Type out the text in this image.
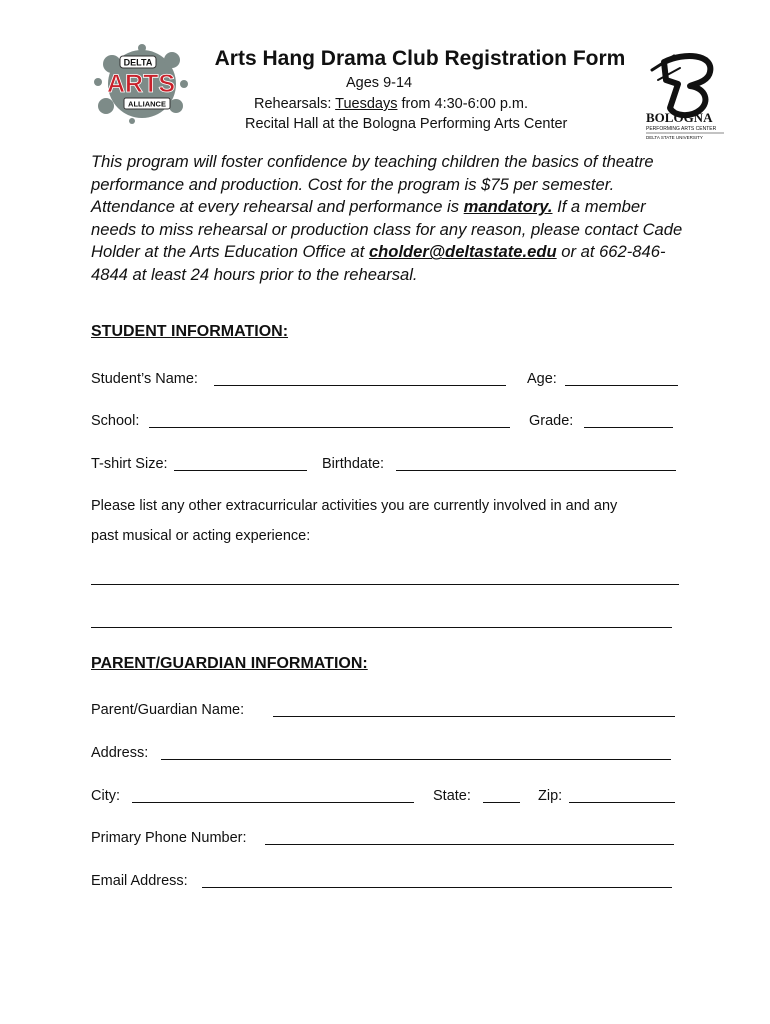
DELTA
ARTS
ALLIANCE
BOLOGNA
PERFORMING ARTS CENTER
DELTA STATE UNIVERSITY
Arts Hang Drama Club Registration Form
Ages 9-14
Rehearsals: Tuesdays from 4:30-6:00 p.m.
Recital Hall at the Bologna Performing Arts Center
This program will foster confidence by teaching children the basics of theatre performance and production. Cost for the program is $75 per semester. Attendance at every rehearsal and performance is mandatory. If a member needs to miss rehearsal or production class for any reason, please contact Cade Holder at the Arts Education Office at cholder@deltastate.edu or at 662-846-4844 at least 24 hours prior to the rehearsal.
STUDENT INFORMATION:
Student’s Name:	Age:
School:	Grade:
T-shirt Size:	Birthdate:
Please list any other extracurricular activities you are currently involved in and any
past musical or acting experience:
PARENT/GUARDIAN INFORMATION:
Parent/Guardian Name:
Address:
City:	State:	Zip:
Primary Phone Number:
Email Address:
